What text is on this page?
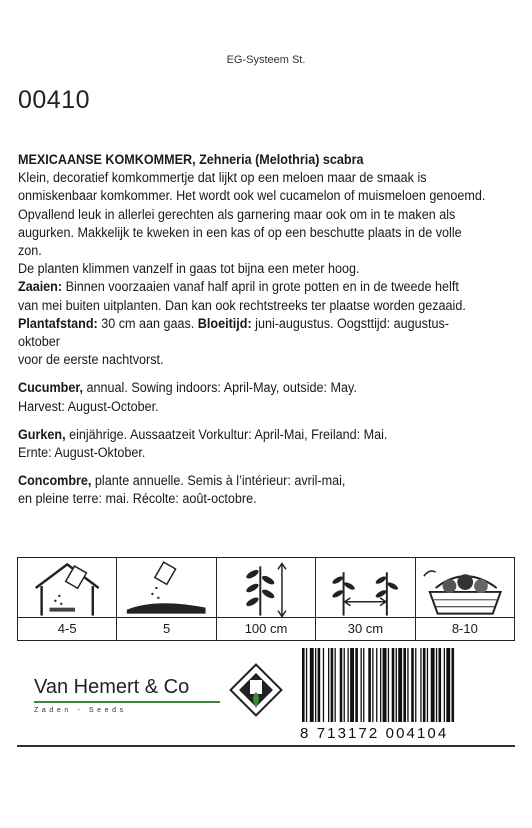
EG-Systeem St.
00410

MEXICAANSE KOMKOMMER, Zehneria (Melothria) scabra
Klein, decoratief komkommertje dat lijkt op een meloen maar de smaak is
onmiskenbaar komkommer. Het wordt ook wel cucamelon of muismeloen genoemd.
Opvallend leuk in allerlei gerechten als garnering maar ook om in te maken als
augurken. Makkelijk te kweken in een kas of op een beschutte plaats in de volle zon.
De planten klimmen vanzelf in gaas tot bijna een meter hoog.
Zaaien: Binnen voorzaaien vanaf half april in grote potten en in de tweede helft
van mei buiten uitplanten. Dan kan ook rechtstreeks ter plaatse worden gezaaid.
Plantafstand: 30 cm aan gaas. Bloeitijd: juni-augustus. Oogsttijd: augustus-oktober
voor de eerste nachtvorst.

Cucumber, annual. Sowing indoors: April-May, outside: May.
Harvest: August-October.

Gurken, einjährige. Aussaatzeit Vorkultur: April-Mai, Freiland: Mai.
Ernte: August-Oktober.

Concombre, plante annuelle. Semis à l’intérieur: avril-mai,
en pleine terre: mai. Récolte: août-octobre.

4-5	5	100 cm	30 cm	8-10
Van Hemert & Co
Zaden - Seeds
8 713172 004104
